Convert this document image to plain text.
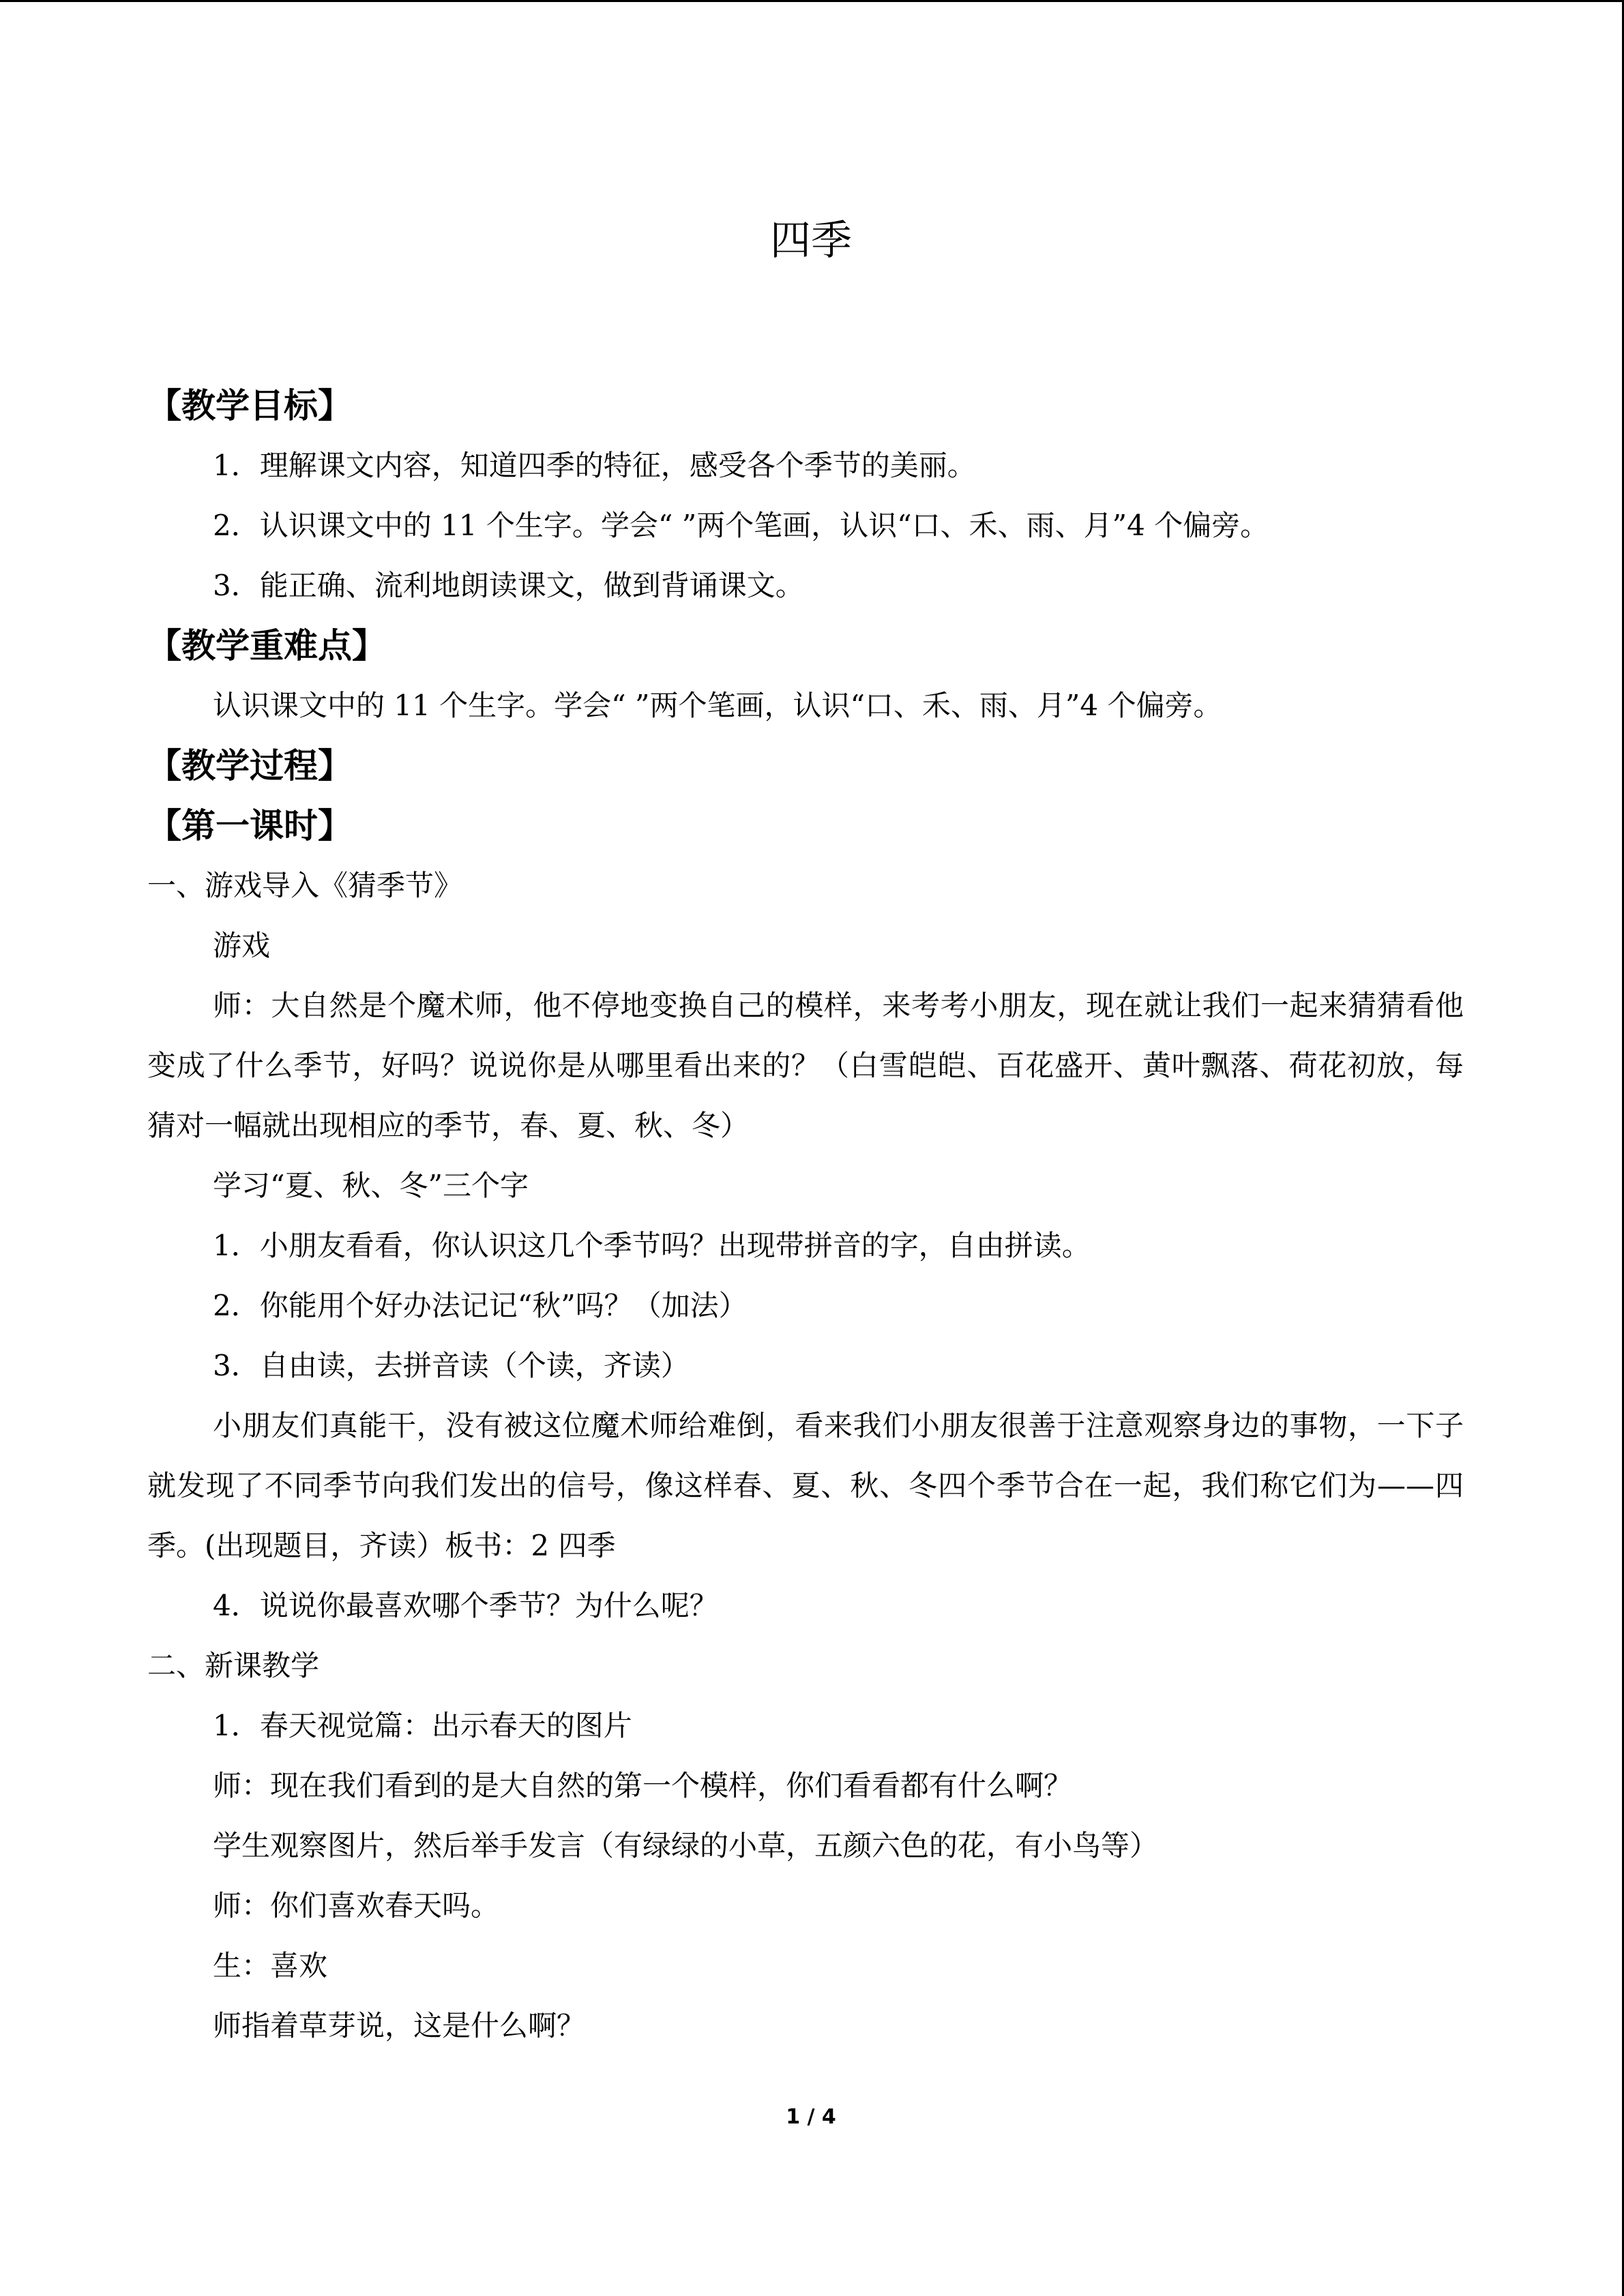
四季
【教学目标】
1．理解课文内容，知道四季的特征，感受各个季节的美丽。
2．认识课文中的 11 个生字。学会“ ”两个笔画，认识“口、禾、雨、月”4 个偏旁。
3．能正确、流利地朗读课文，做到背诵课文。
【教学重难点】
认识课文中的 11 个生字。学会“ ”两个笔画，认识“口、禾、雨、月”4 个偏旁。
【教学过程】
【第一课时】
一、游戏导入《猜季节》
游戏
师：大自然是个魔术师，他不停地变换自己的模样，来考考小朋友，现在就让我们一起来猜猜看他变成了什么季节，好吗？说说你是从哪里看出来的？（白雪皑皑、百花盛开、黄叶飘落、荷花初放，每猜对一幅就出现相应的季节，春、夏、秋、冬）
学习“夏、秋、冬”三个字
1．小朋友看看，你认识这几个季节吗？出现带拼音的字，自由拼读。
2．你能用个好办法记记“秋”吗？（加法）
3．自由读，去拼音读（个读，齐读）
小朋友们真能干，没有被这位魔术师给难倒，看来我们小朋友很善于注意观察身边的事物，一下子就发现了不同季节向我们发出的信号，像这样春、夏、秋、冬四个季节合在一起，我们称它们为——四季。(出现题目，齐读）板书：2 四季
4．说说你最喜欢哪个季节？为什么呢？
二、新课教学
1．春天视觉篇：出示春天的图片
师：现在我们看到的是大自然的第一个模样，你们看看都有什么啊？
学生观察图片，然后举手发言（有绿绿的小草，五颜六色的花，有小鸟等）
师：你们喜欢春天吗。
生：喜欢
师指着草芽说，这是什么啊？
1 / 4
